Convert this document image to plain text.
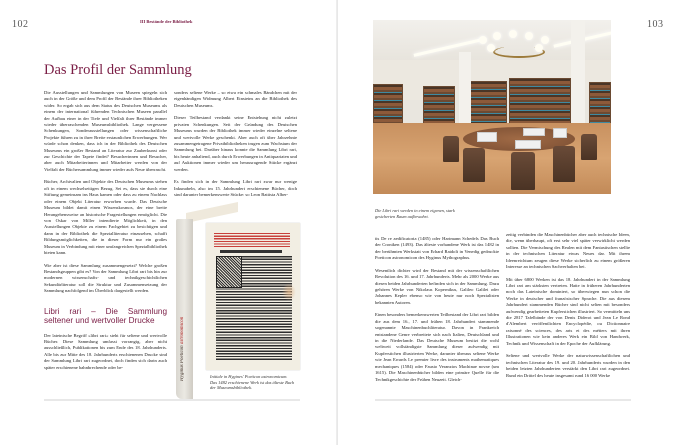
102	III Bestände der Bibliothek
Das Profil der Sammlung

Die Ausstellungen und Sammlungen von Museen spiegeln sich auch in der Größe und dem Profil der Bestände ihrer Bibliotheken wider. So ergab sich aus dem Status des Deutschen Museums als einem der international führenden Technischen Museen parallel der Aufbau einer in der Tiefe und Vielfalt ihrer Bestände immer wieder überraschenden Museumsbibliothek. Lange vergessene Schenkungen, Sonderausstellungen oder wissenschaftliche Projekte führen zu in ihrer Breite erstaunlichen Erwerbungen. Wer würde schon denken, dass ich in der Bibliothek des Deutschen Museums ein großer Bestand an Literatur zur Zauberkunst oder zur Geschichte der Tapete findet? Besucherinnen und Besucher, aber auch Mitarbeiterinnen und Mitarbeiter werden von der Vielfalt der Büchersammlung immer wieder aufs Neue überrascht.

Bücher, Archivalien und Objekte des Deutschen Museums stehen oft in einem wechselseitigen Bezug. Sei es, dass sie durch eine Stiftung gemeinsam ins Haus kamen oder dass zu einem Nachlass oder einem Objekt Literatur erworben wurde. Das Deutsche Museum bildet damit einen Wissenskosmos, der eine breite Herangehensweise an historische Fragestellungen ermöglicht. Die von Oskar von Miller intendierte Möglichkeit, in den Ausstellungen Objekte zu einem Fachgebiet zu besichtigen und dann in der Bibliothek die Spezialliteratur einzusehen, schafft Bildungsmöglichkeiten, die in dieser Form nur ein großes Museum in Verbindung mit einer umfangreichen Spezialbibliothek bieten kann.

Wie aber ist diese Sammlung zusammengesetzt? Welche großen Bestandsgruppen gibt es? Von der Sammlung Libri rari bis hin zur modernen wissenschafts- und technikgeschichtlichen Sekundärliteratur soll die Struktur und Zusammensetzung der Sammlung nachfolgend im Überblick dargestellt werden.

Libri rari – Die Sammlung seltener und wertvoller Drucke

Der lateinische Begriff »libri rari« steht für seltene und wertvolle Bücher. Diese Sammlung umfasst vorrangig, aber nicht ausschließlich, Publikationen bis zum Ende des 18. Jahrhunderts. Alle bis zur Mitte des 18. Jahrhunderts erschienenen Drucke sind der Sammlung Libri rari zugeordnet, doch finden sich darin auch später erschienene bahnbrechende oder be-

sonders seltene Werke – so etwa ein schmales Bändchen mit der eigenhändigen Widmung Albert Einsteins an die Bibliothek des Deutschen Museums.

Dieser Teilbestand verdankt seine Entstehung nicht zuletzt privaten Schenkungen. Seit der Gründung des Deutschen Museums wurden der Bibliothek immer wieder einzelne seltene und wertvolle Werke geschenkt. Aber auch oft über Jahrzehnte zusammengetragene Privatbibliotheken trugen zum Wachstum der Sammlung bei. Darüber hinaus konnte die Sammlung Libri rari, bis heute anhaltend, auch durch Erwerbungen in Antiquariaten und auf Auktionen immer wieder um herausragende Stücke ergänzt werden.

Es finden sich in der Sammlung Libri rari zwar nur wenige Inkunabeln, also im 15. Jahrhundert erschienene Bücher, doch sind darunter bemerkenswerte Stücke: so Leon Battista Alber-

Hyginus Poeticon astronomicon
Initiale in Hygines' Poeticon astronomicum. Das 1482 erschienene Werk ist das älteste Buch der Museumsbibliothek.
103
Die Libri rari werden in einem eigenen, stark gesicherten Raum aufbewahrt.

tis De re aedificatoria (1485) oder Hartmann Schedels Das Buch der Croniken (1493). Das älteste vorhandene Werk ist das 1482 in der berühmten Werkstatt von Erhard Ratdolt in Venedig gedruckte Poeticon astronomicon des Hyginus Mythographus.

Wesentlich dichter wird der Bestand mit der wissenschaftlichen Revolution des 16. und 17. Jahrhunderts. Mehr als 2000 Werke aus diesen beiden Jahrhunderten befinden sich in der Sammlung. Dazu gehören Werke von Nikolaus Kopernikus, Galileo Galilei oder Johannes Kepler ebenso wie von heute nur noch Spezialisten bekannten Autoren.

Einen besonders bemerkenswerten Teilbestand der Libri rari bilden die aus dem 16., 17. und frühen 18. Jahrhundert stammende sogenannte Maschinenbuchliteratur. Davon in Frankreich entstandene Genre verbreitete sich nach Italien, Deutschland und in die Niederlande. Das Deutsche Museum besitzt die wohl weltweit vollständigste Sammlung dieser aufwendig mit Kupferstichen illustrierten Werke, darunter überaus seltene Werke wie Jean Errards Le premier livre des instruments mathematiques mechaniques (1584) oder Fausto Veranzios Machinae novae (um 1615). Die Maschinenbücher bilden eine primäre Quelle für die Technikgeschichte der Frühen Neuzeit. Gleich-

zeitig verbinden die Maschinenbücher aber auch technische Ideen, die, wenn überhaupt, oft erst sehr viel später verwirklicht werden sollten. Die Vermischung des Realen mit dem Fantastischen stellte in der technischen Literatur etwas Neues dar. Mit ihrem Ideenreichtum zeugen diese Werke sicherlich zu einem größeren Interesse an technischen Sachverhalten bei.

Mit über 6800 Werken ist das 18. Jahrhundert in der Sammlung Libri rari am stärksten vertreten. Hatte in früheren Jahrhunderten noch das Lateinische dominiert, so überwiegen nun schon die Werke in deutscher und französischer Sprache. Die aus diesem Jahrhundert stammenden Bücher sind nicht selten mit besonders aufwendig gearbeiteten Kupferstichen illustriert. So vermitteln uns die 2817 Tafelbände der von Denis Diderot und Jean Le Rond d'Alembert veröffentlichten Encyclopédie, ou Dictionnaire raisonné des sciences, des arts et des métiers mit ihren Illustrationen wie kein anderes Werk ein Bild von Handwerk, Technik und Wissenschaft in der Epoche der Aufklärung.

Seltene und wertvolle Werke der naturwissenschaftlichen und technischen Literatur des 19. und 20. Jahrhunderts wurden in den beiden letzten Jahrhunderten verstärkt den Libri rari zugeordnet. Rund ein Drittel des heute insgesamt rund 16 000 Werke
